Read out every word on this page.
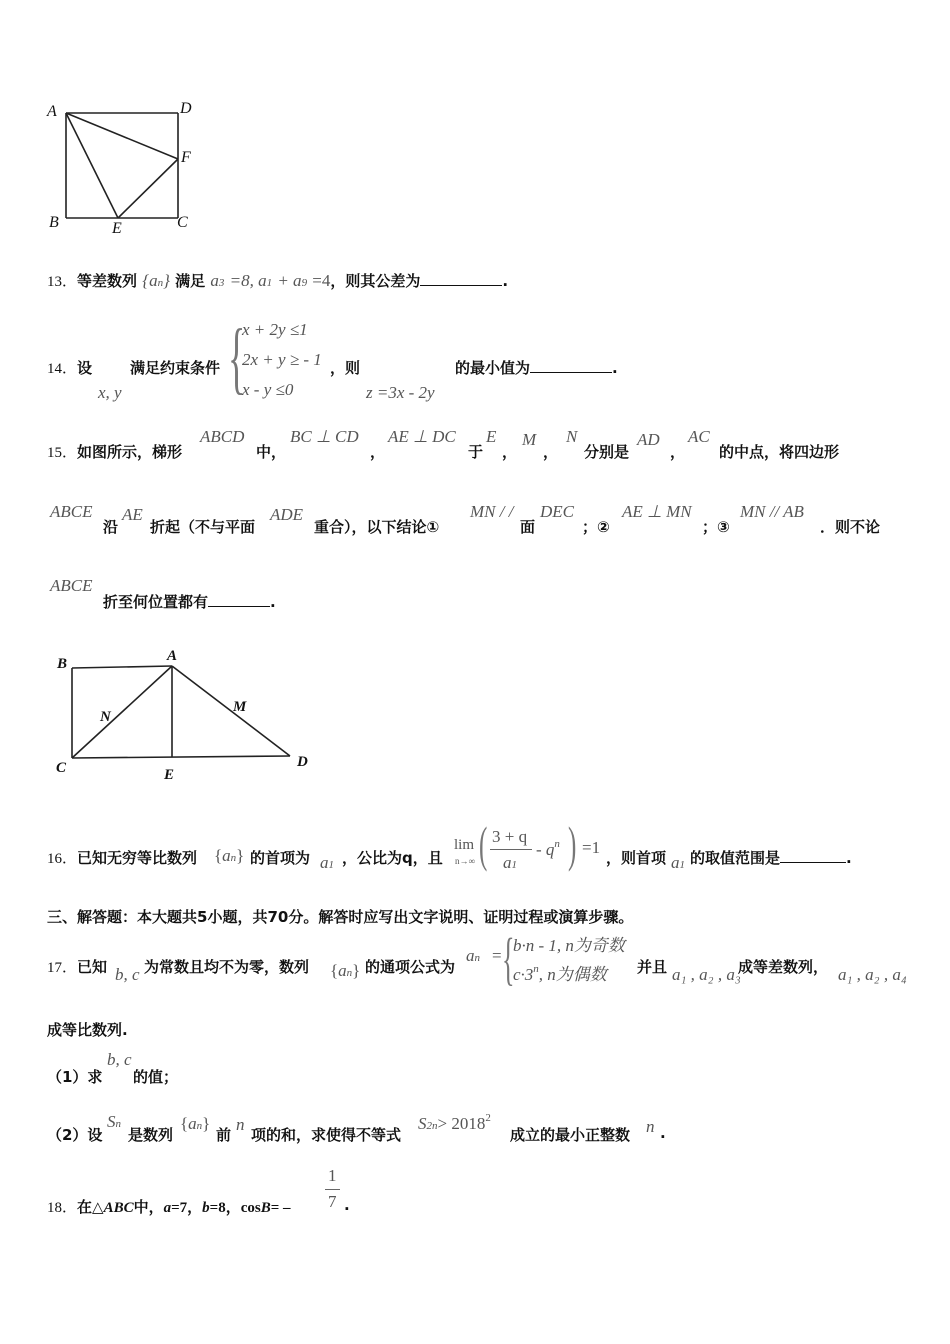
A	D
F
B	E	C
13．等差数列 {an} 满足 a3 =8, a1 + a9 =4，则其公差为	.
14．设
x, y
满足约束条件 {
x + 2y ≤1
2x + y ≥ - 1
x - y ≤0
，则
z =3x - 2y
的最小值为	.
15．如图所示，梯形
ABCD
中，
BC ⊥ CD
，
AE ⊥ DC
于
E
，
M
，
N
分别是
AD
，
AC
的中点，将四边形
ABCE
沿
AE
折起（不与平面
ADE
重合），以下结论①
MN / /
面
DEC
；②
AE ⊥ MN
；③
MN // AB
．则不论
ABCE
折至何位置都有	.
B	A
N
M
C	E
D
16．已知无穷等比数列 {an} 的首项为 a1 ，公比为q，且
lim
n→∞ ( 3 + q
a1
- $q^n$ ) =1
，则首项 a1 的取值范围是	.
三、解答题：本大题共5小题，共70分。解答时应写出文字说明、证明过程或演算步骤。
17．已知 b, c 为常数且均不为零，数列 {an} 的通项公式为
an = {
b·n - 1, n为奇数
$c\cdot 3^n$, n为偶数 并且 a₁ , a₂ , a₃
成等差数列， a₁ , a₂ , a₄
成等比数列.
（1）求
b, c
的值；
（2）设
Sn
是数列
{an}
前
n
项的和，求使得不等式
$S2n> 2018^2$
成立的最小正整数 n .
18．在△ABC中，a=7，b=8，cosB= –
1
7 .
